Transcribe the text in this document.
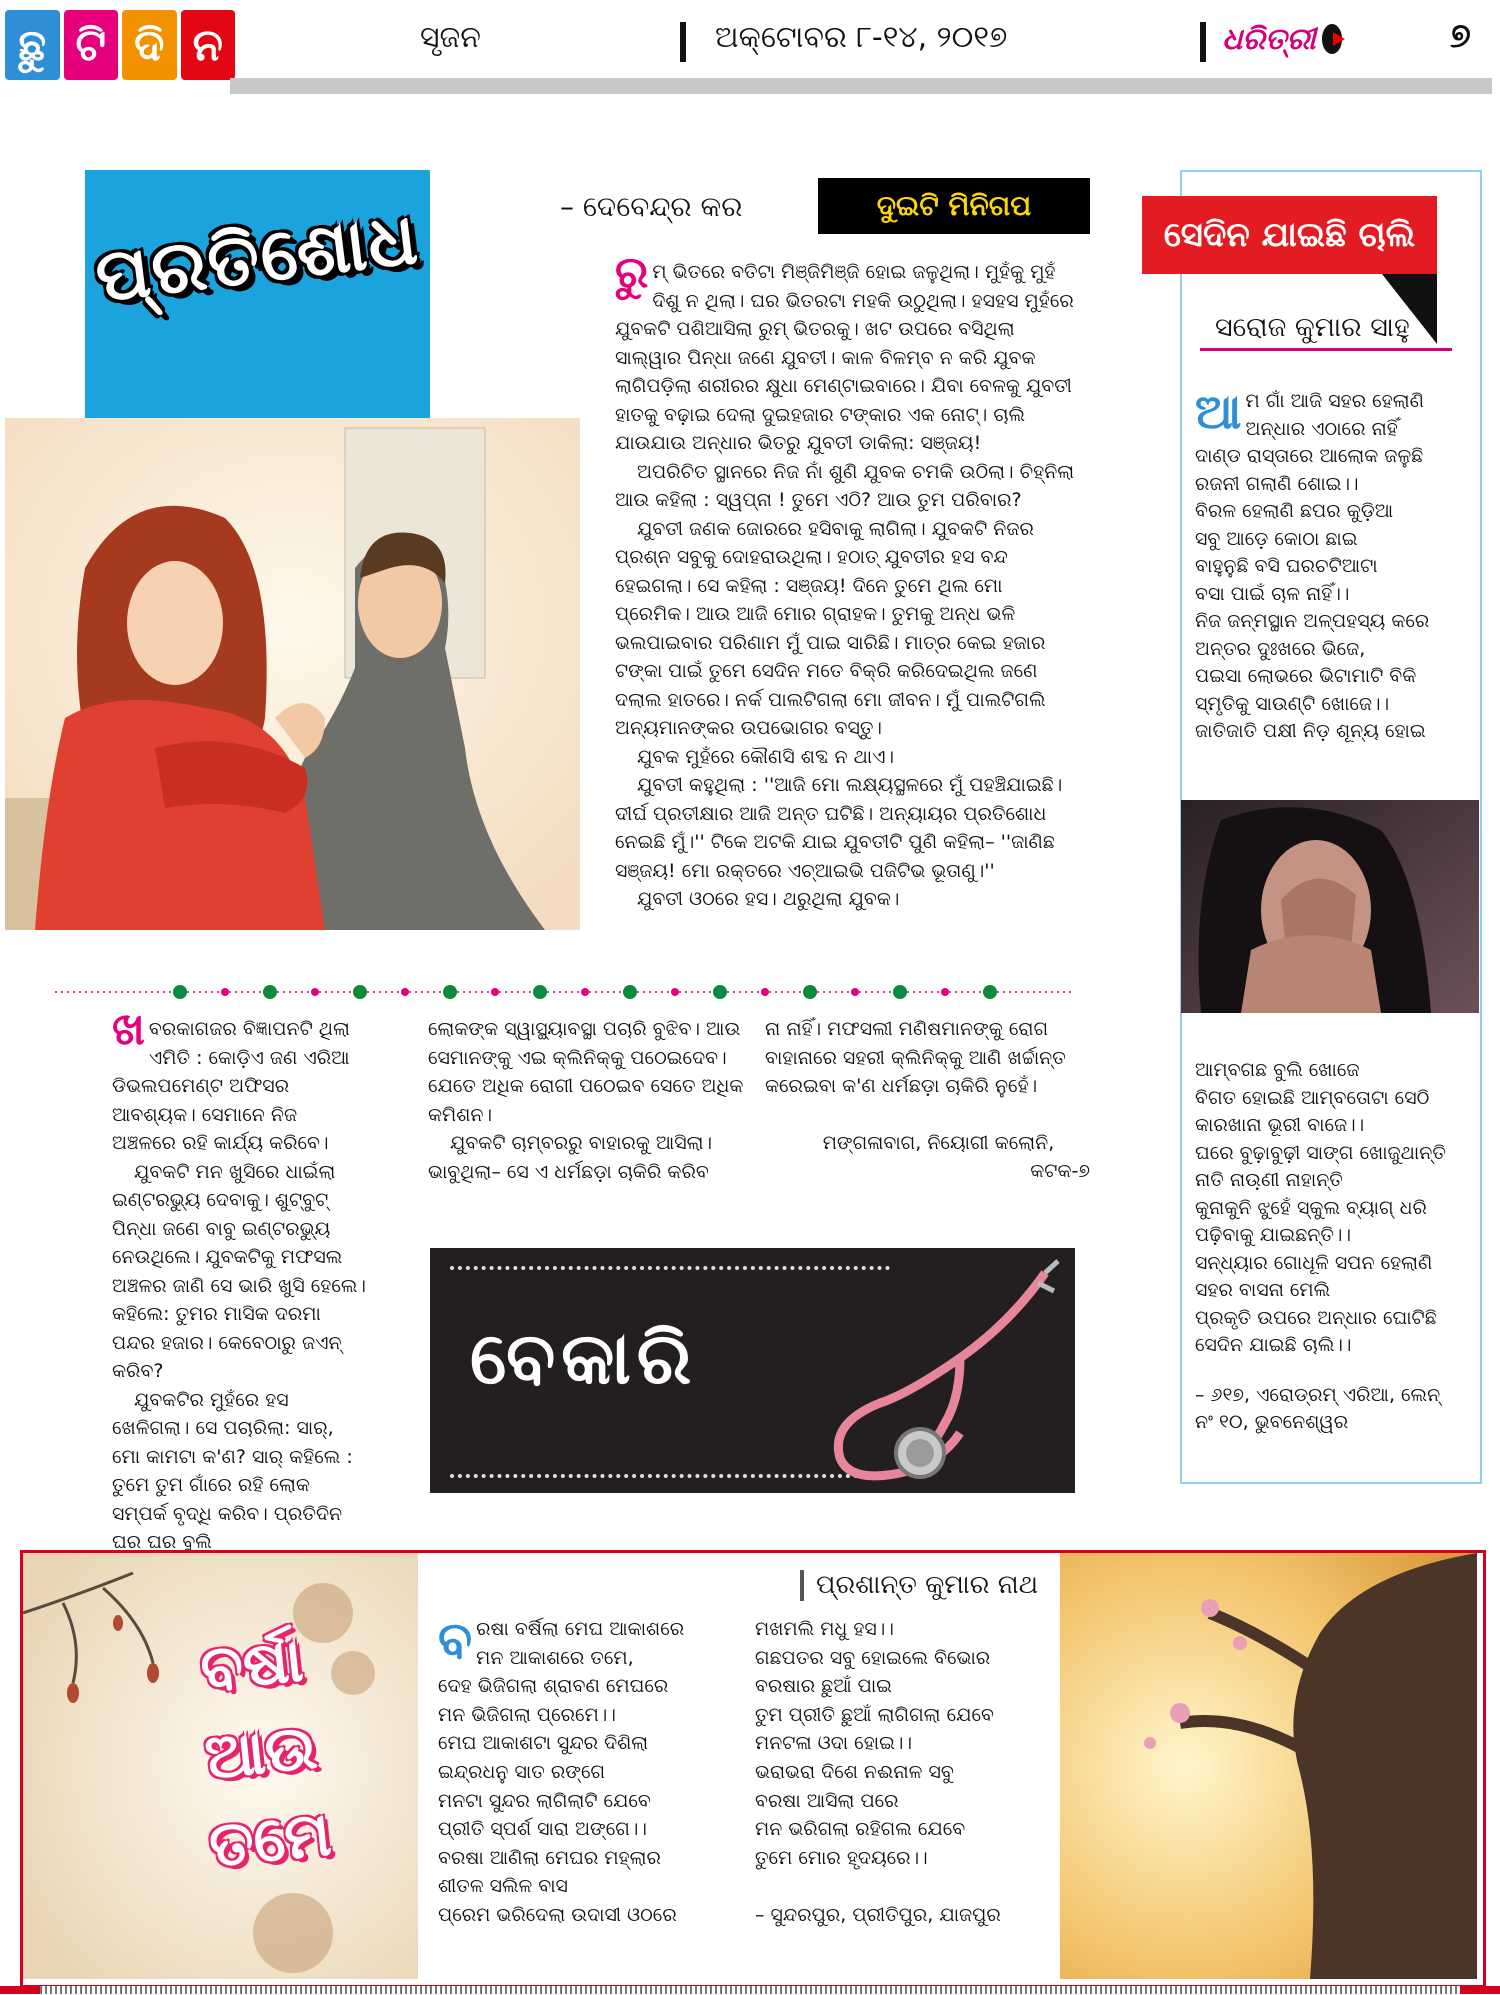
ଛୁ ଟି ଦି ନ	ସୃଜନ	ଅକ୍ଟୋବର ୮-୧୪, ୨୦୧୭	ଧରିତ୍ରୀ	୭
ପ୍ରତିଶୋଧ	– ଦେବେନ୍ଦ୍ର କର	ଦୁଇଟି ମିନିଗପ

ରୁମ୍ ଭିତରେ ବତିଟା ମିଞ୍ଜିମିଞ୍ଜି ହୋଇ ଜଳୁଥିଲା। ମୁହଁକୁ ମୁହଁ ଦିଶୁ ନ ଥିଲା। ଘର ଭିତରଟା ମହକି ଉଠୁଥିଲା। ହସହସ ମୁହଁରେ ଯୁବକଟି ପଶିଆସିଲା ରୁମ୍ ଭିତରକୁ। ଖଟ ଉପରେ ବସିଥିଲା ସାଲ୍ୱାର ପିନ୍ଧା ଜଣେ ଯୁବତୀ। କାଳ ବିଳମ୍ବ ନ କରି ଯୁବକ ଲାଗିପଡ଼ିଲା ଶରୀରର କ୍ଷୁଧା ମେଣ୍ଟାଇବାରେ। ଯିବା ବେଳକୁ ଯୁବତୀ ହାତକୁ ବଢ଼ାଇ ଦେଲା ଦୁଇହଜାର ଟଙ୍କାର ଏକ ନୋଟ୍। ଚାଲି ଯାଉଯାଉ ଅନ୍ଧାର ଭିତରୁ ଯୁବତୀ ଡାକିଲା: ସଞ୍ଜୟ!

ଅପରିଚିତ ସ୍ଥାନରେ ନିଜ ନାଁ ଶୁଣି ଯୁବକ ଚମକି ଉଠିଲା। ଚିହ୍ନିଲା ଆଉ କହିଲା : ସ୍ୱପ୍ନା ! ତୁମେ ଏଠି? ଆଉ ତୁମ ପରିବାର?

ଯୁବତୀ ଜଣକ ଜୋରରେ ହସିବାକୁ ଲାଗିଲା। ଯୁବକଟି ନିଜର ପ୍ରଶ୍ନ ସବୁକୁ ଦୋହରାଉଥିଲା। ହଠାତ୍ ଯୁବତୀର ହସ ବନ୍ଦ ହେଇଗଲା। ସେ କହିଲା : ସଞ୍ଜୟ! ଦିନେ ତୁମେ ଥିଲ ମୋ ପ୍ରେମିକ। ଆଉ ଆଜି ମୋର ଗ୍ରାହକ। ତୁମକୁ ଅନ୍ଧ ଭଳି ଭଲପାଇବାର ପରିଣାମ ମୁଁ ପାଇ ସାରିଛି। ମାତ୍ର କେଇ ହଜାର ଟଙ୍କା ପାଇଁ ତୁମେ ସେଦିନ ମତେ ବିକ୍ରି କରିଦେଇଥିଲ ଜଣେ ଦଲାଲ ହାତରେ। ନର୍କ ପାଲଟିଗଲା ମୋ ଜୀବନ। ମୁଁ ପାଲଟିଗଲି ଅନ୍ୟମାନଙ୍କର ଉପଭୋଗର ବସ୍ତୁ।

ଯୁବକ ମୁହଁରେ କୌଣସି ଶବ୍ଦ ନ ଥାଏ।

ଯୁବତୀ କହୁଥିଲା : ''ଆଜି ମୋ ଲକ୍ଷ୍ୟସ୍ଥଳରେ ମୁଁ ପହଞ୍ଚିଯାଇଛି। ଦୀର୍ଘ ପ୍ରତୀକ୍ଷାର ଆଜି ଅନ୍ତ ଘଟିଛି। ଅନ୍ୟାୟର ପ୍ରତିଶୋଧ ନେଇଛି ମୁଁ।'' ଟିକେ ଅଟକି ଯାଇ ଯୁବତୀଟି ପୁଣି କହିଲା– ''ଜାଣିଛ ସଞ୍ଜୟ! ମୋ ରକ୍ତରେ ଏଚ୍ଆଇଭି ପଜିଟିଭ ଭୂତାଣୁ।''

ଯୁବତୀ ଓଠରେ ହସ। ଥରୁଥିଲା ଯୁବକ।

ଖବରକାଗଜର ବିଜ୍ଞାପନଟି ଥିଲା ଏମିତି : କୋଡ଼ିଏ ଜଣ ଏରିଆ ଡିଭଲପମେଣ୍ଟ ଅଫିସର ଆବଶ୍ୟକ। ସେମାନେ ନିଜ ଅଞ୍ଚଳରେ ରହି କାର୍ଯ୍ୟ କରିବେ।

ଯୁବକଟି ମନ ଖୁସିରେ ଧାଇଁଲା ଇଣ୍ଟରଭ୍ୟୁ ଦେବାକୁ। ଶୁଟ୍‌ବୁଟ୍ ପିନ୍ଧା ଜଣେ ବାବୁ ଇଣ୍ଟରଭ୍ୟୁ ନେଉଥିଲେ। ଯୁବକଟିକୁ ମଫସଲ ଅଞ୍ଚଳର ଜାଣି ସେ ଭାରି ଖୁସି ହେଲେ। କହିଲେ: ତୁମର ମାସିକ ଦରମା ପନ୍ଦର ହଜାର। କେବେଠାରୁ ଜଏନ୍ କରିବ?

ଯୁବକଟିର ମୁହଁରେ ହସ ଖେଳିଗଲା। ସେ ପଚାରିଲା: ସାର୍, ମୋ କାମଟା କ'ଣ? ସାର୍ କହିଲେ : ତୁମେ ତୁମ ଗାଁରେ ରହି ଲୋକ ସମ୍ପର୍କ ବୃଦ୍ଧି କରିବ। ପ୍ରତିଦିନ ଘର ଘର ବୁଲି

ଲୋକଙ୍କ ସ୍ୱାସ୍ଥ୍ୟାବସ୍ଥା ପଚାରି ବୁଝିବ। ଆଉ ସେମାନଙ୍କୁ ଏଇ କ୍ଲିନିକ୍‌କୁ ପଠେଇଦେବ। ଯେତେ ଅଧିକ ରୋଗୀ ପଠେଇବ ସେତେ ଅଧିକ କମିଶନ।

ଯୁବକଟି ଚାମ୍ବରରୁ ବାହାରକୁ ଆସିଲା। ଭାବୁଥିଲା– ସେ ଏ ଧର୍ମଛଡ଼ା ଚାକିରି କରିବ

ନା ନାହିଁ। ମଫସଲୀ ମଣିଷମାନଙ୍କୁ ରୋଗ ବାହାନାରେ ସହରୀ କ୍ଲିନିକ୍‌କୁ ଆଣି ଖର୍ଚ୍ଚାନ୍ତ କରେଇବା କ'ଣ ଧର୍ମଛଡ଼ା ଚାକିରି ନୁହେଁ।

ମଙ୍ଗଳାବାଗ, ନିୟୋଗୀ କଲୋନି,

କଟକ-୭

ବେକାରି
ସେଦିନ ଯାଇଛି ଚାଲି
ସରୋଜ କୁମାର ସାହୁ
ଆମ ଗାଁ ଆଜି ସହର ହେଲାଣି
ଅନ୍ଧାର ଏଠାରେ ନାହିଁ
ଦାଣ୍ଡ ରାସ୍ତାରେ ଆଲୋକ ଜଳୁଛି
ରଜନୀ ଗଲାଣି ଶୋଇ।।
ବିରଳ ହେଲାଣି ଛପର କୁଡ଼ିଆ
ସବୁ ଆଡ଼େ କୋଠା ଛାଇ
ବାହୁନୁଛି ବସି ଘରଚଟିଆଟା
ବସା ପାଇଁ ଚାଳ ନାହିଁ।।
ନିଜ ଜନ୍ମସ୍ଥାନ ଅଳ୍ପହସ୍ୟ କରେ
ଅନ୍ତର ଦୁଃଖରେ ଭିଜେ,
ପଇସା ଲୋଭରେ ଭିଟାମାଟି ବିକି
ସ୍ମୃତିକୁ ସାଉଣ୍ଟି ଖୋଜେ।।
ଜାତିଜାତି ପକ୍ଷୀ ନିଡ଼ ଶୂନ୍ୟ ହୋଇ
ଆମ୍ବଗଛ ବୁଲି ଖୋଜେ
ବିଗତ ହୋଇଛି ଆମ୍ବତୋଟା ସେଠି
କାରଖାନା ଭୂରୀ ବାଜେ।।
ଘରେ ବୁଢ଼ାବୁଢ଼ୀ ସାଙ୍ଗ ଖୋଜୁଥାନ୍ତି
ନାତି ନାଉ଼ଣୀ ନାହାନ୍ତି
କୁନାକୁନି ଝୁହେଁ ସ୍କୁଲ ବ୍ୟାଗ୍ ଧରି
ପଢ଼ିବାକୁ ଯାଇଛନ୍ତି।।
ସନ୍ଧ୍ୟାର ଗୋଧୂଳି ସପନ ହେଲାଣି
ସହର ବାସନା ମେଲି
ପ୍ରକୃତି ଉପରେ ଅନ୍ଧାର ଘୋଟିଛି
ସେଦିନ ଯାଇଛି ଚାଲି।।
– ୬୧୭, ଏରୋଡ୍ରମ୍ ଏରିଆ, ଲେନ୍
ନଂ ୧୦, ଭୁବନେଶ୍ୱର
ବର୍ଷା
ଆଉ
ତମେ
ପ୍ରଶାନ୍ତ କୁମାର ନାଥ
ବରଷା ବର୍ଷିଲା ମେଘ ଆକାଶରେ
ମନ ଆକାଶରେ ତମେ,
ଦେହ ଭିଜିଗଲା ଶ୍ରାବଣ ମେଘରେ
ମନ ଭିଜିଗଲା ପ୍ରେମେ।।
ମେଘ ଆକାଶଟା ସୁନ୍ଦର ଦିଶିଲା
ଇନ୍ଦ୍ରଧନୁ ସାତ ରଙ୍ଗେ
ମନଟା ସୁନ୍ଦର ଲାଗିଲାଟି ଯେବେ
ପ୍ରୀତି ସ୍ପର୍ଶ ସାରା ଅଙ୍ଗେ।।
ବରଷା ଆଣିଲା ମେଘର ମହ୍ଲାର
ଶୀତଳ ସଲିଳ ବାସ
ପ୍ରେମ ଭରିଦେଲା ଉଦାସୀ ଓଠରେ
ମଖମଲି ମଧୁ ହସ।।
ଗଛପତର ସବୁ ହୋଇଲେ ବିଭୋର
ବରଷାର ଛୁଆଁ ପାଇ
ତୁମ ପ୍ରୀତି ଛୁଆଁ ଲାଗିଗଲା ଯେବେ
ମନଟଳା ଓଦା ହୋଇ।।
ଭରାଭରା ଦିଶେ ନଈନାଳ ସବୁ
ବରଷା ଆସିଲା ପରେ
ମନ ଭରିଗଲା ରହିଗଲ ଯେବେ
ତୁମେ ମୋର ହୃଦୟରେ।।

– ସୁନ୍ଦରପୁର, ପ୍ରୀତିପୁର, ଯାଜପୁର
